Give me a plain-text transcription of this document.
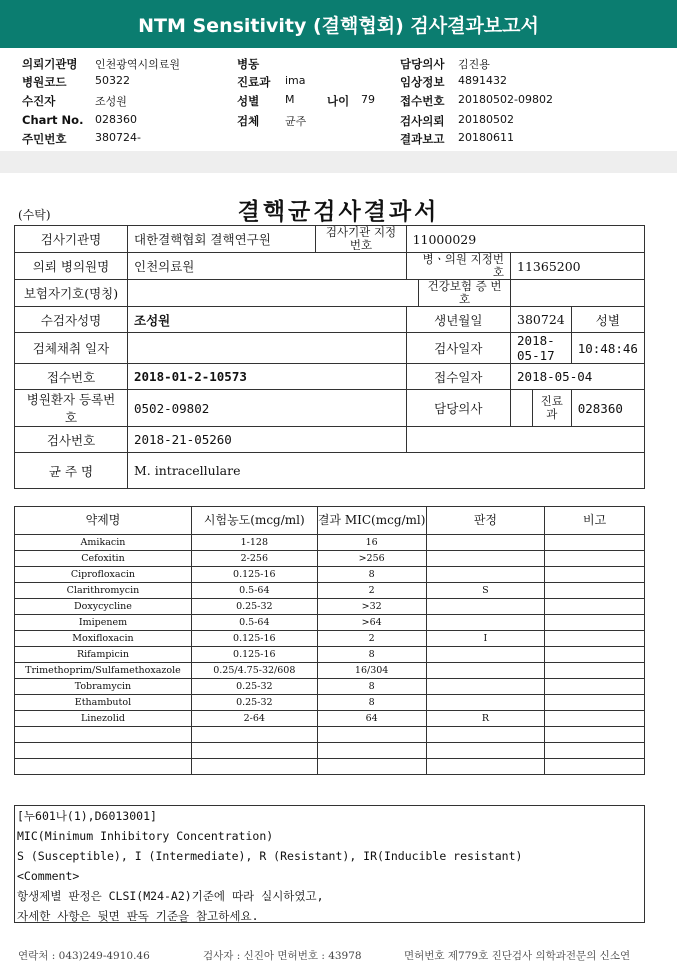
NTM Sensitivity (결핵협회) 검사결과보고서
의뢰기관명 인천광역시의료원	병동	담당의사 김진용
병원코드	50322	진료과 ima	임상정보 4891432
수진자	조성원	성별 M	나이 79 접수번호 20180502-09802
Chart No. 028360	검체 균주	검사의뢰 20180502
주민번호	380724-	결과보고 20180611
(수탁)	결핵균검사결과서
검사기관명	대한결핵협회 결핵연구원	검사기관 지정번호	11000029				
의뢰 병의원명	인천의료원		병ㆍ의원 지정번호		11365200		
보험자기호(명칭)				건강보험 증 번 호			
수검자성명	조성원		생년월일		380724		성별
검체채취 일자			검사일자		2018-05-17		10:48:46
접수번호	2018-01-2-10573		접수일자		2018-05-04		
병원환자 등록번호	0502-09802		담당의사			진료과	028360
검사번호	2018-21-05260						
균 주 명	M. intracellulare						
약제명	시험농도(mcg/ml)	결과 MIC(mcg/ml)	판정	비고
Amikacin	1-128	16		
Cefoxitin	2-256	>256		
Ciprofloxacin	0.125-16	8		
Clarithromycin	0.5-64	2	S	
Doxycycline	0.25-32	>32		
Imipenem	0.5-64	>64		
Moxifloxacin	0.125-16	2	I	
Rifampicin	0.125-16	8		
Trimethoprim/Sulfamethoxazole	0.25/4.75-32/608	16/304		
Tobramycin	0.25-32	8		
Ethambutol	0.25-32	8		
Linezolid	2-64	64	R	

[누601나(1),D6013001]
MIC(Minimum Inhibitory Concentration)
S (Susceptible), I (Intermediate), R (Resistant), IR(Inducible resistant)
<Comment>
항생제별 판정은 CLSI(M24-A2)기준에 따라 실시하였고,
자세한 사항은 뒷면 판독 기준을 참고하세요.
연락처 : 043)249-4910.46	검사자 : 신진아 면허번호 : 43978	면허번호 제779호 진단검사 의학과전문의 신소연
